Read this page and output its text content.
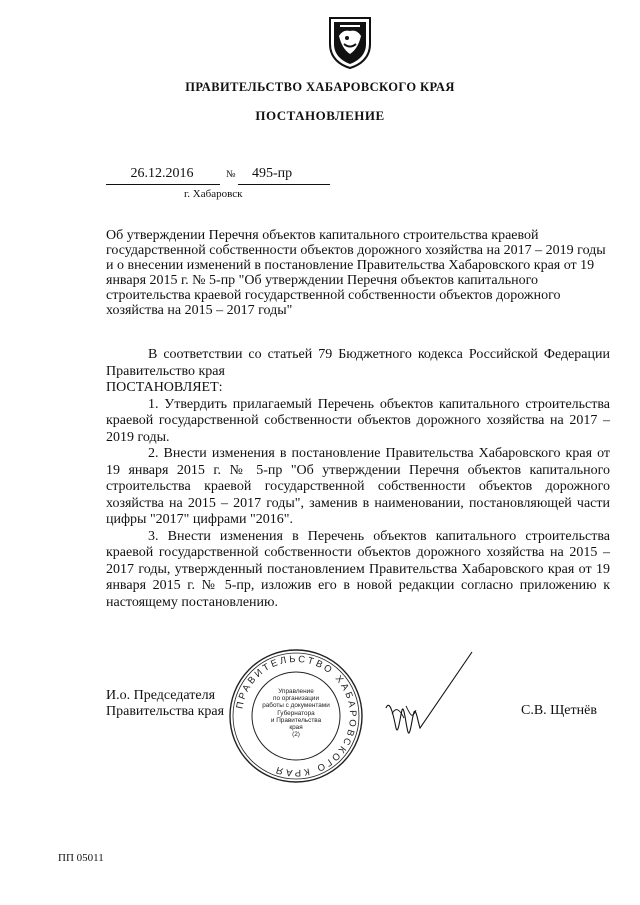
ПРАВИТЕЛЬСТВО ХАБАРОВСКОГО КРАЯ
ПОСТАНОВЛЕНИЕ
26.12.2016	№	495-пр
г. Хабаровск
Об утверждении Перечня объектов капитального строительства краевой государственной собственности объектов дорожного хозяйства на 2017 – 2019 годы и о внесении изменений в постановление Правительства Хабаровского края от 19 января 2015 г. № 5-пр "Об утверждении Перечня объектов капитального строительства краевой государственной собственности объектов дорожного хозяйства на 2015 – 2017 годы"

В соответствии со статьей 79 Бюджетного кодекса Российской Федерации Правительство края

ПОСТАНОВЛЯЕТ:

1. Утвердить прилагаемый Перечень объектов капитального строительства краевой государственной собственности объектов дорожного хозяйства на 2017 – 2019 годы.

2. Внести изменения в постановление Правительства Хабаровского края от 19 января 2015 г. № 5-пр "Об утверждении Перечня объектов капитального строительства краевой государственной собственности объектов дорожного хозяйства на 2015 – 2017 годы", заменив в наименовании, постановляющей части цифры "2017" цифрами "2016".

3. Внести изменения в Перечень объектов капитального строительства краевой государственной собственности объектов дорожного хозяйства на 2015 – 2017 годы, утвержденный постановлением Правительства Хабаровского края от 19 января 2015 г. № 5-пр, изложив его в новой редакции согласно приложению к настоящему постановлению.

И.о. Председателя
Правительства края ПРАВИТЕЛЬСТВО ХАБАРОВСКОГО КРАЯ
Управление
по организации
работы с документами
Губернатора
и Правительства
края
(2)
С.В. Щетнёв
ПП 05011
